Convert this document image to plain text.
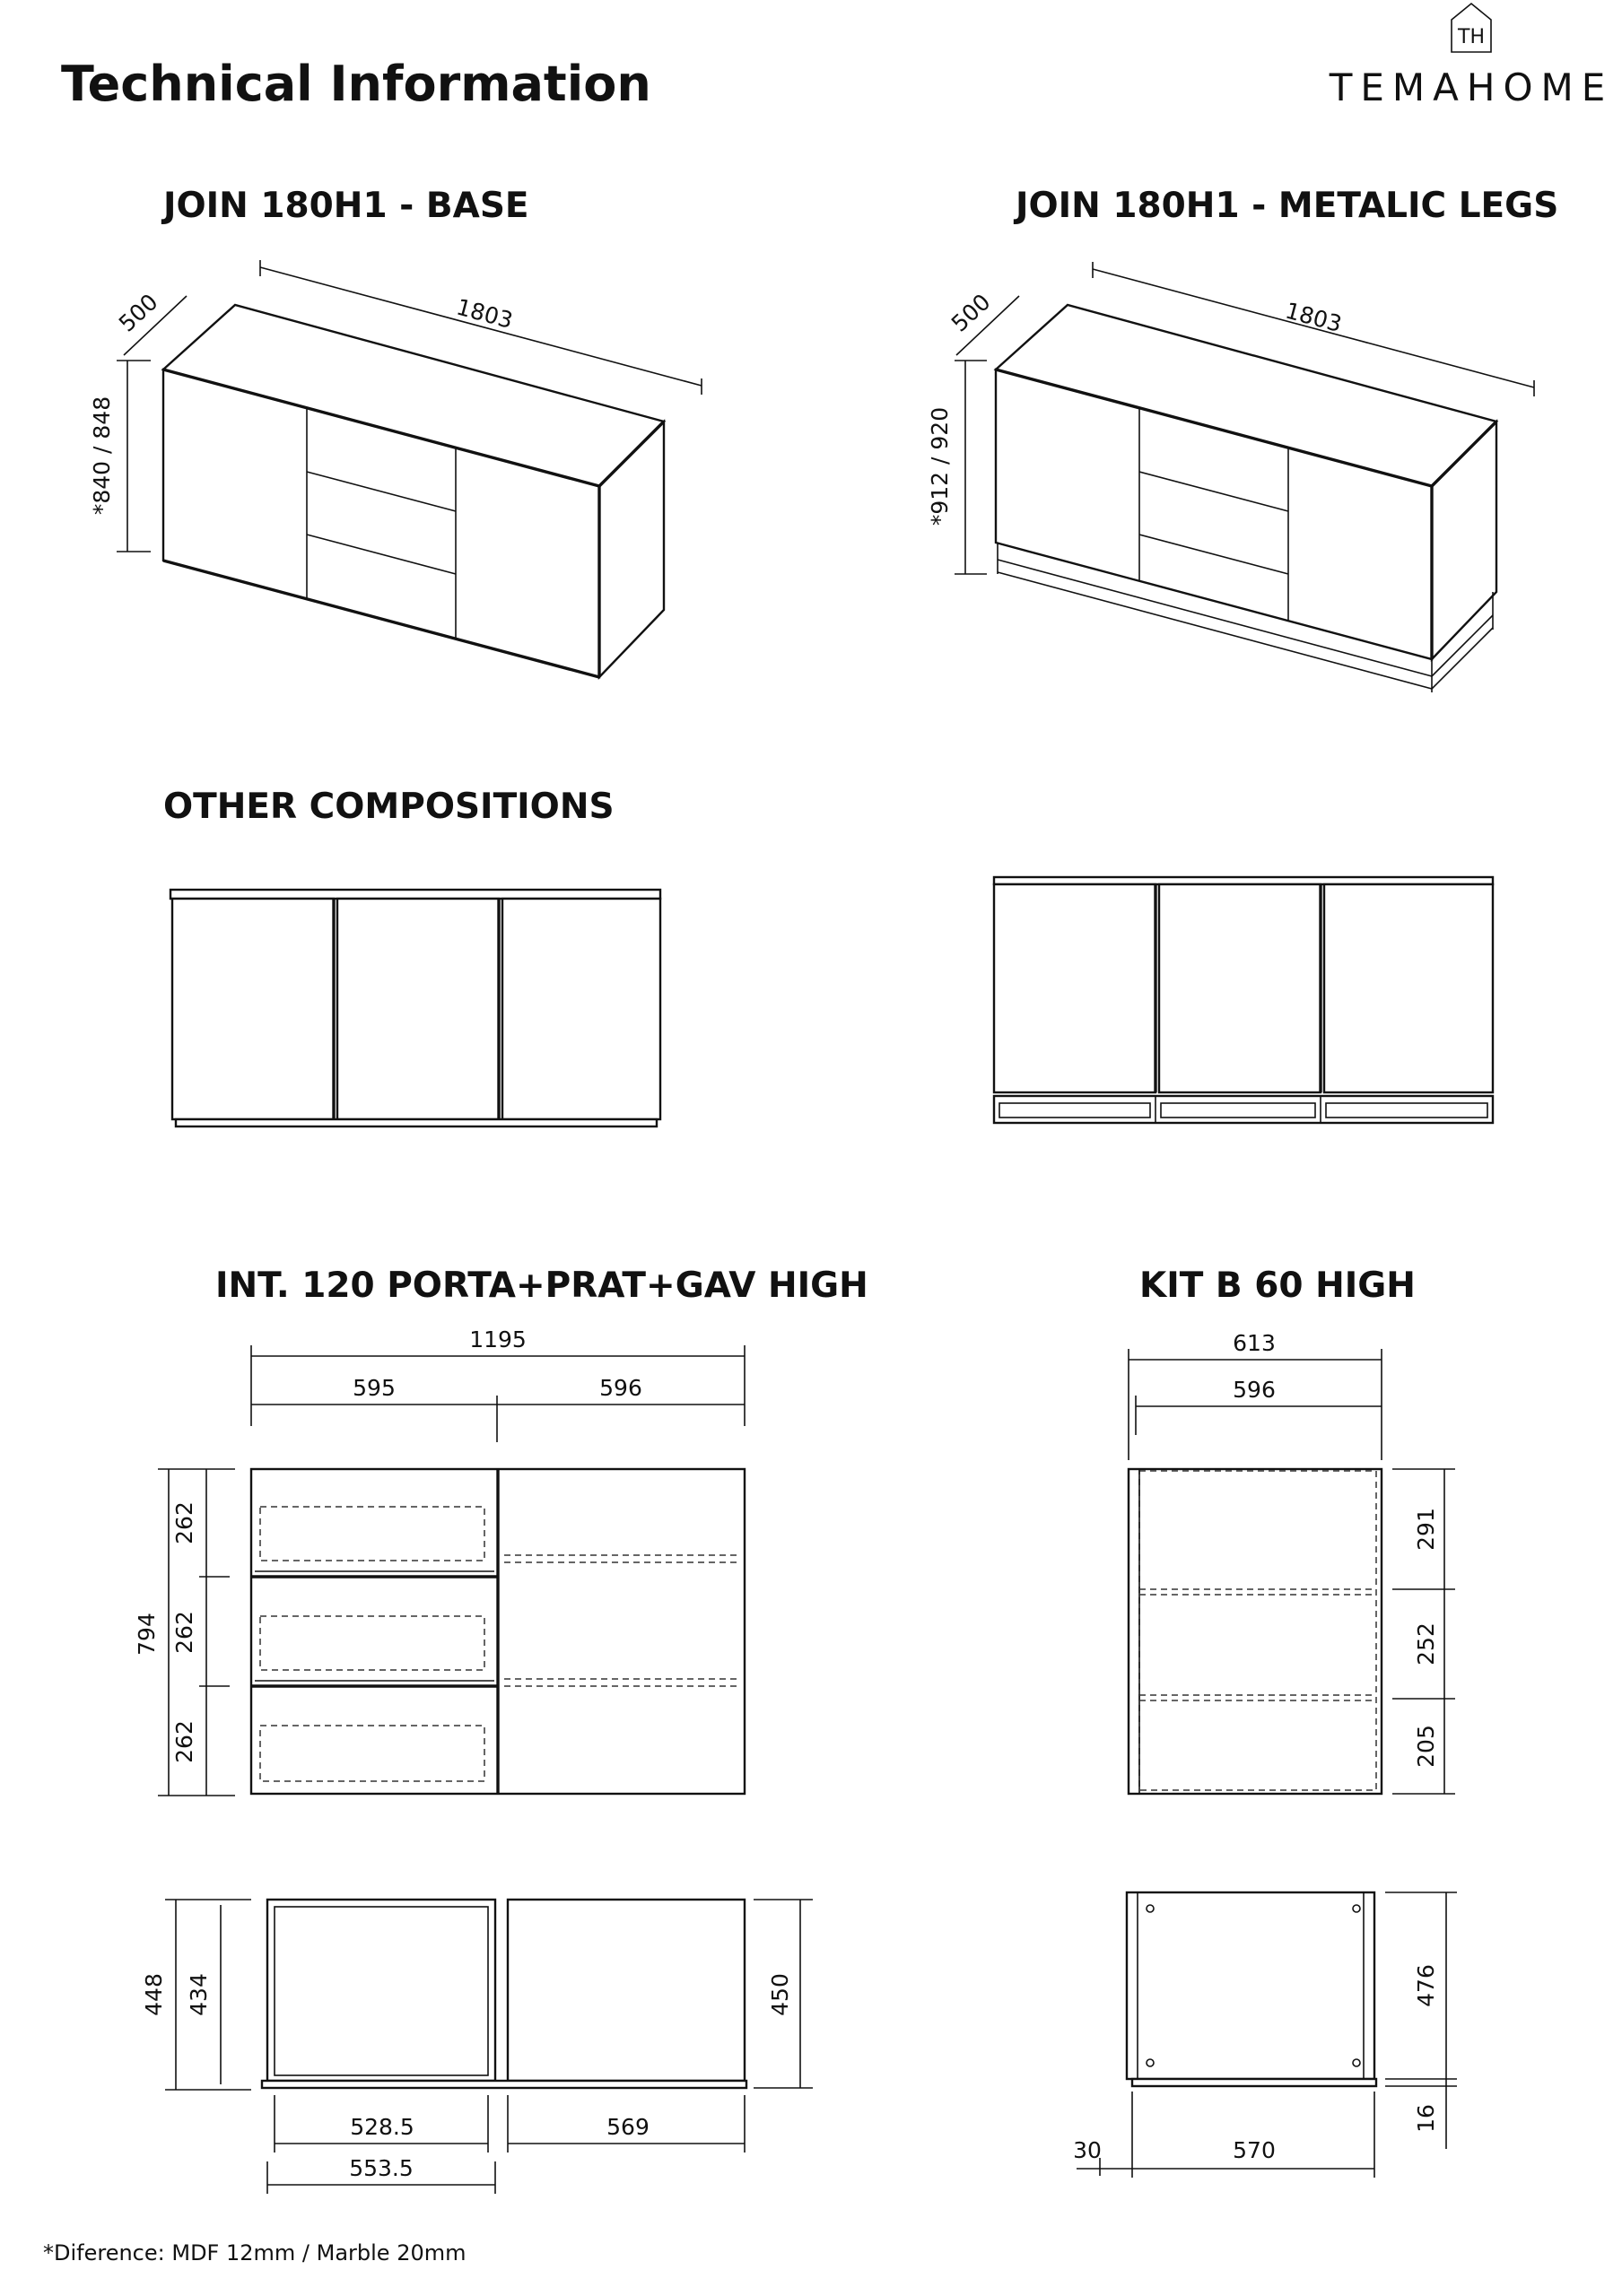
Technical Information
TH
TEMAHOME
JOIN 180H1 - BASE	JOIN 180H1 - METALIC LEGS
OTHER COMPOSITIONS
INT. 120 PORTA+PRAT+GAV HIGH	KIT B 60 HIGH
1803
500
*840 / 848
1803
500
*912 / 920
1195
595	596
794
262
262
262
448 434	450
528.5	569
553.5
613
596
291
252
205
476
16
30	570
*Diference: MDF 12mm / Marble 20mm
